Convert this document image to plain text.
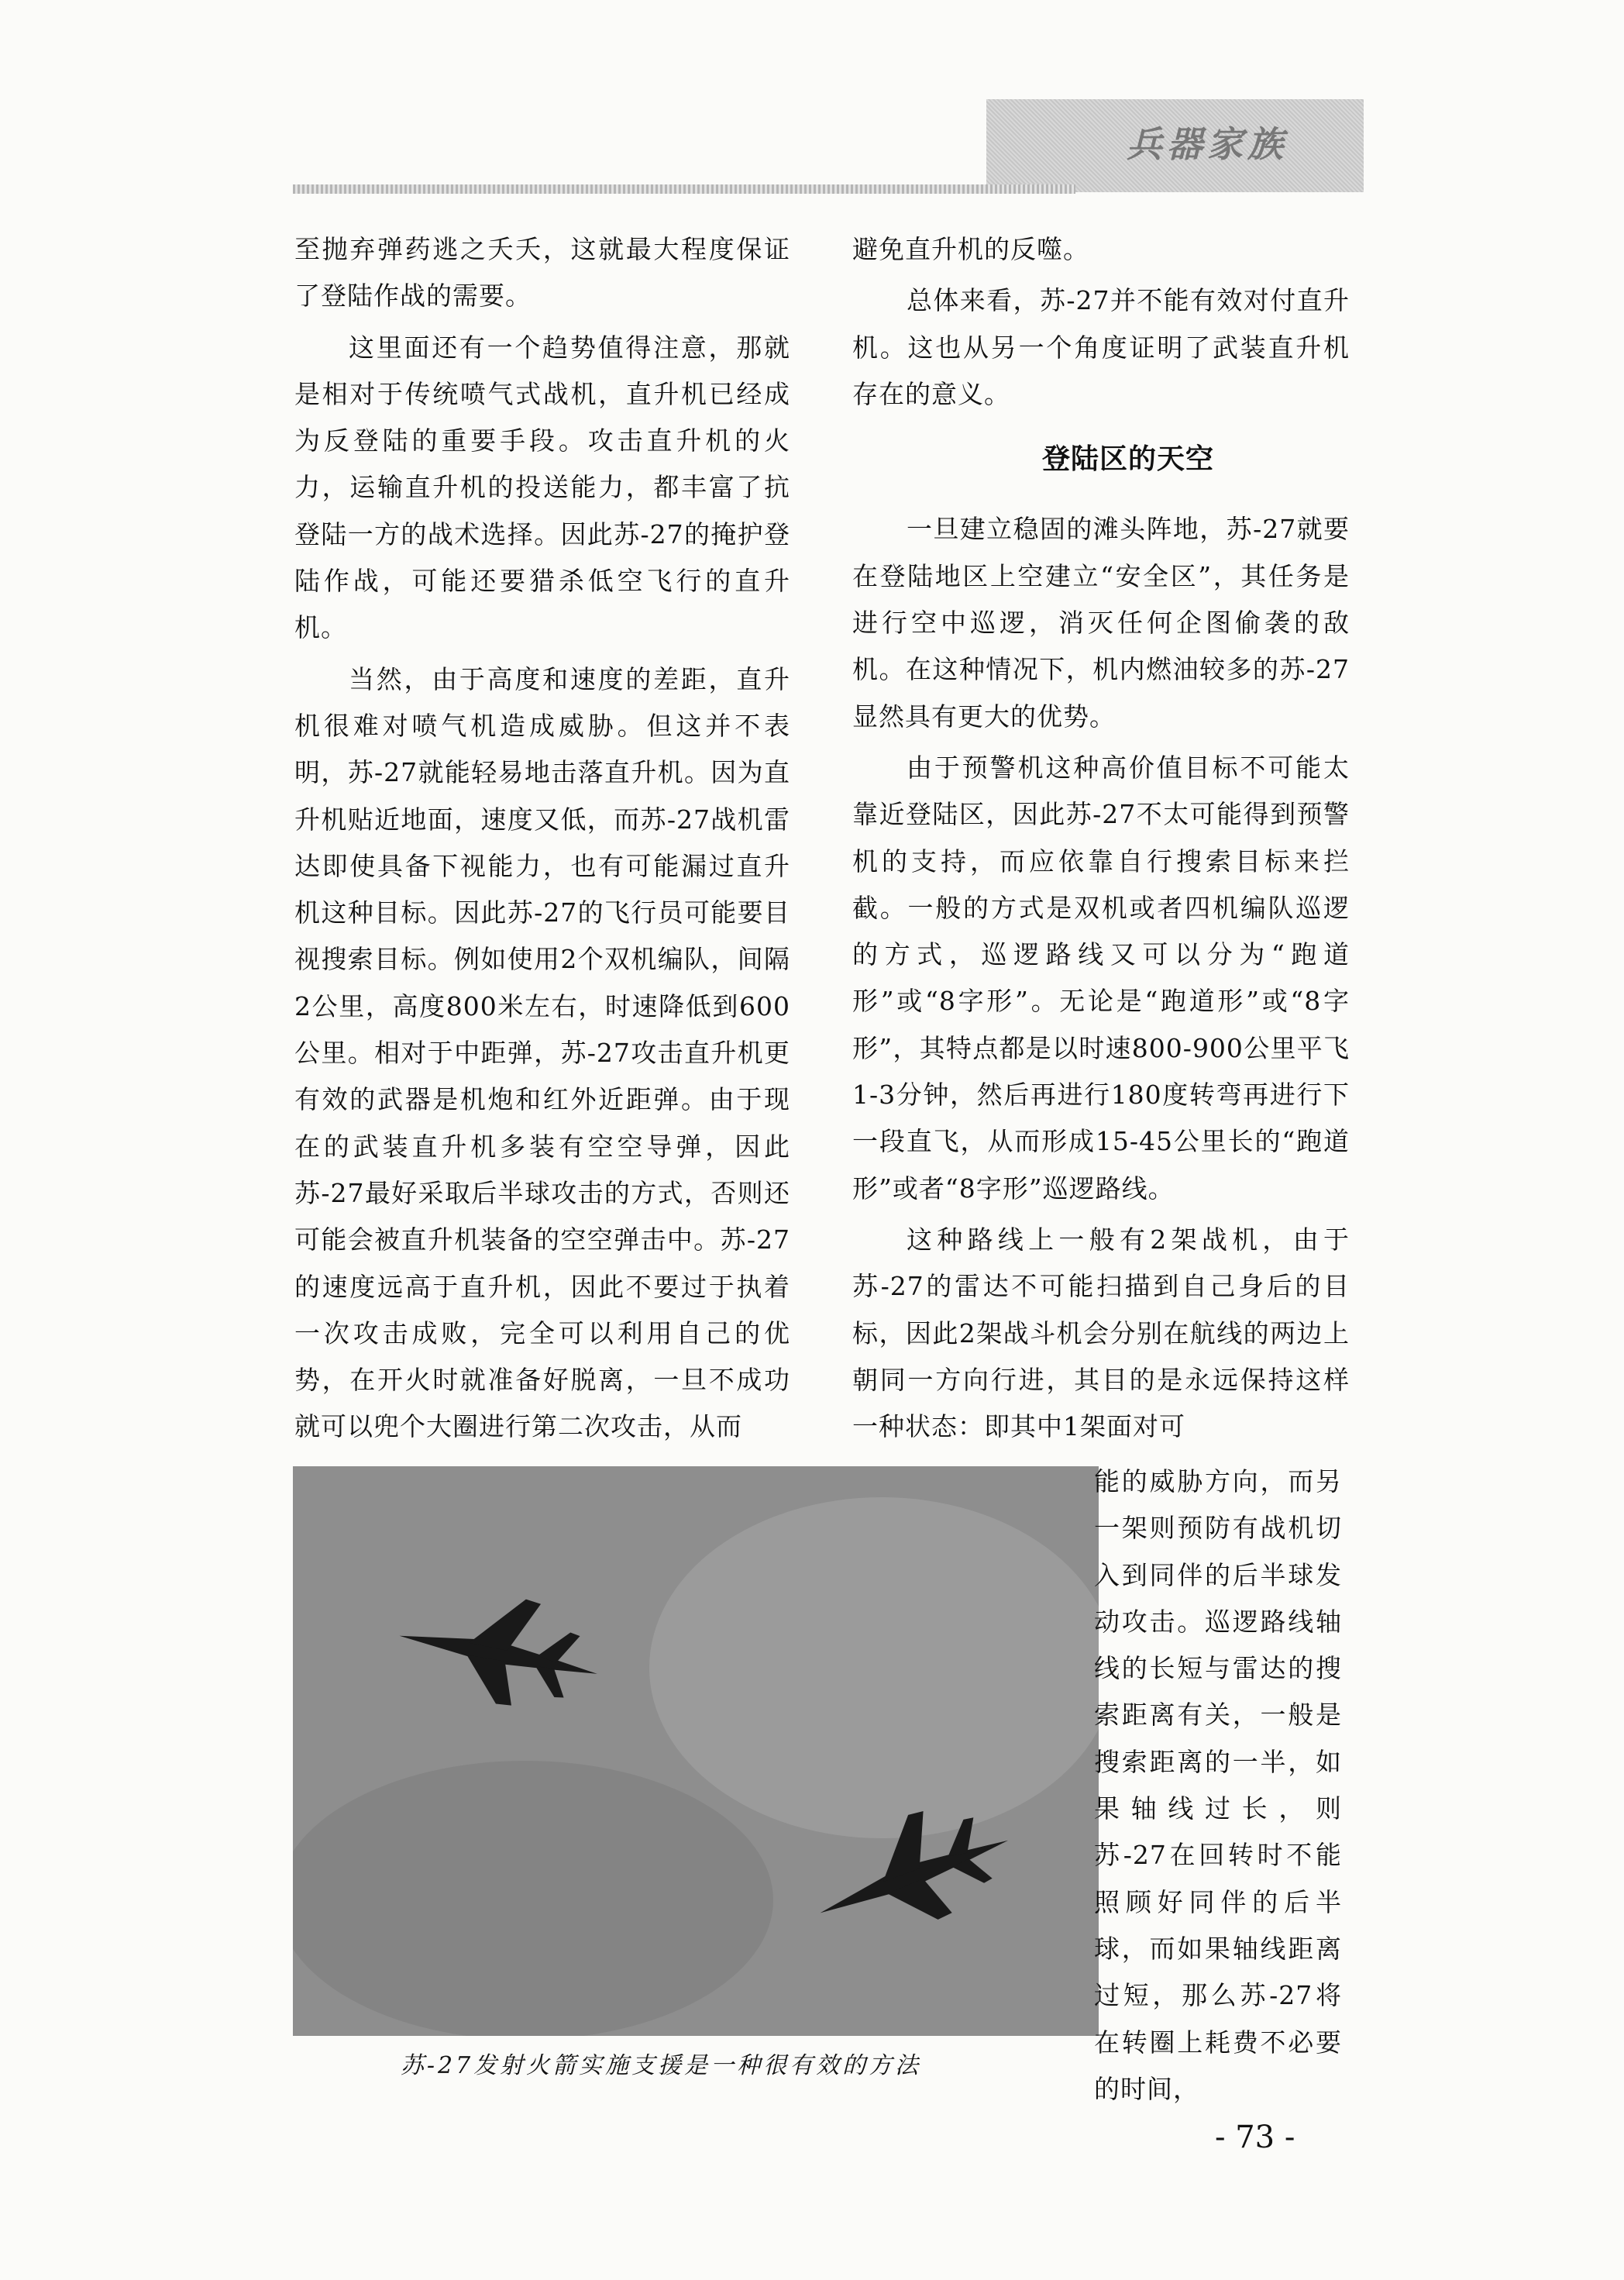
兵器家族

至抛弃弹药逃之夭夭，这就最大程度保证了登陆作战的需要。

这里面还有一个趋势值得注意，那就是相对于传统喷气式战机，直升机已经成为反登陆的重要手段。攻击直升机的火力，运输直升机的投送能力，都丰富了抗登陆一方的战术选择。因此苏-27的掩护登陆作战，可能还要猎杀低空飞行的直升机。

当然，由于高度和速度的差距，直升机很难对喷气机造成威胁。但这并不表明，苏-27就能轻易地击落直升机。因为直升机贴近地面，速度又低，而苏-27战机雷达即使具备下视能力，也有可能漏过直升机这种目标。因此苏-27的飞行员可能要目视搜索目标。例如使用2个双机编队，间隔2公里，高度800米左右，时速降低到600公里。相对于中距弹，苏-27攻击直升机更有效的武器是机炮和红外近距弹。由于现在的武装直升机多装有空空导弹，因此苏-27最好采取后半球攻击的方式，否则还可能会被直升机装备的空空弹击中。苏-27的速度远高于直升机，因此不要过于执着一次攻击成败，完全可以利用自己的优势，在开火时就准备好脱离，一旦不成功就可以兜个大圈进行第二次攻击，从而

避免直升机的反噬。

总体来看，苏-27并不能有效对付直升机。这也从另一个角度证明了武装直升机存在的意义。

登陆区的天空

一旦建立稳固的滩头阵地，苏-27就要在登陆地区上空建立“安全区”，其任务是进行空中巡逻，消灭任何企图偷袭的敌机。在这种情况下，机内燃油较多的苏-27显然具有更大的优势。

由于预警机这种高价值目标不可能太靠近登陆区，因此苏-27不太可能得到预警机的支持，而应依靠自行搜索目标来拦截。一般的方式是双机或者四机编队巡逻的方式，巡逻路线又可以分为“跑道形”或“8字形”。无论是“跑道形”或“8字形”，其特点都是以时速800-900公里平飞1-3分钟，然后再进行180度转弯再进行下一段直飞，从而形成15-45公里长的“跑道形”或者“8字形”巡逻路线。

这种路线上一般有2架战机，由于苏-27的雷达不可能扫描到自己身后的目标，因此2架战斗机会分别在航线的两边上朝同一方向行进，其目的是永远保持这样一种状态：即其中1架面对可

苏-27发射火箭实施支援是一种很有效的方法

能的威胁方向，而另一架则预防有战机切入到同伴的后半球发动攻击。巡逻路线轴线的长短与雷达的搜索距离有关，一般是搜索距离的一半，如果轴线过长，则苏-27在回转时不能照顾好同伴的后半球，而如果轴线距离过短，那么苏-27将在转圈上耗费不必要的时间，

- 73 -
